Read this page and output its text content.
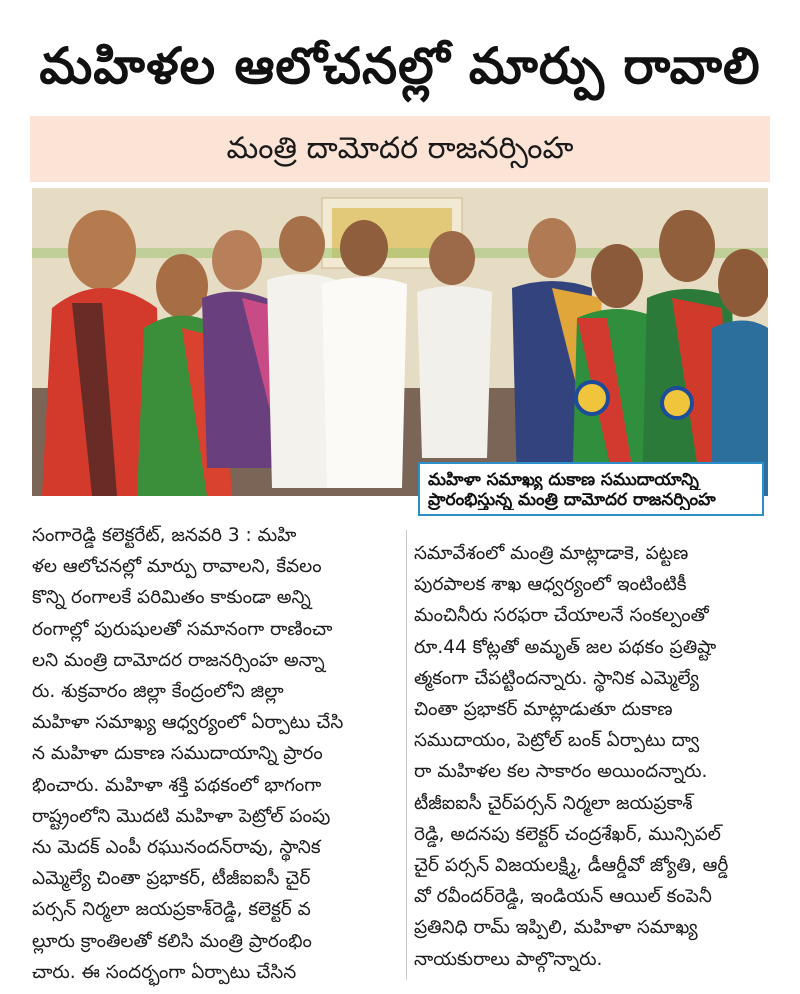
మహిళల ఆలోచనల్లో మార్పు రావాలి
మంత్రి దామోదర రాజనర్సింహ
మహిళా సమాఖ్య దుకాణ సముదాయాన్ని
ప్రారంభిస్తున్న మంత్రి దామోదర రాజనర్సింహ
సంగారెడ్డి కలెక్టరేట్, జనవరి 3 : మహి
ళల ఆలోచనల్లో మార్పు రావాలని, కేవలం
కొన్ని రంగాలకే పరిమితం కాకుండా అన్ని
రంగాల్లో పురుషులతో సమానంగా రాణించా
లని మంత్రి దామోదర రాజనర్సింహ అన్నా
రు. శుక్రవారం జిల్లా కేంద్రంలోని జిల్లా
మహిళా సమాఖ్య ఆధ్వర్యంలో ఏర్పాటు చేసి
న మహిళా దుకాణ సముదాయాన్ని ప్రారం
భించారు. మహిళా శక్తి పథకంలో భాగంగా
రాష్ట్రంలోని మొదటి మహిళా పెట్రోల్ పంపు
ను మెదక్ ఎంపీ రఘునందన్‌రావు, స్థానిక
ఎమ్మెల్యే చింతా ప్రభాకర్, టీజీఐఐసీ చైర్
పర్సన్ నిర్మలా జయప్రకాశ్‌రెడ్డి, కలెక్టర్ వ
ల్లూరు క్రాంతిలతో కలిసి మంత్రి ప్రారంభిం
చారు. ఈ సందర్భంగా ఏర్పాటు చేసిన
సమావేశంలో మంత్రి మాట్లాడాకె, పట్టణ
పురపాలక శాఖ ఆధ్వర్యంలో ఇంటింటికీ
మంచినీరు సరఫరా చేయాలనే సంకల్పంతో
రూ.44 కోట్లతో అమృత్ జల పథకం ప్రతిష్టా
త్మకంగా చేపట్టిందన్నారు. స్థానిక ఎమ్మెల్యే
చింతా ప్రభాకర్ మాట్లాడుతూ దుకాణ
సముదాయం, పెట్రోల్ బంక్ ఏర్పాటు ద్వా
రా మహిళల కల సాకారం అయిందన్నారు.
టీజీఐఐసీ చైర్‌పర్సన్ నిర్మలా జయప్రకాశ్
రెడ్డి, అదనపు కలెక్టర్ చంద్రశేఖర్, మున్సిపల్
చైర్ పర్సన్ విజయలక్ష్మి, డీఆర్డీవో జ్యోతి, ఆర్డీ
వో రవీందర్‌రెడ్డి, ఇండియన్ ఆయిల్ కంపెనీ
ప్రతినిధి రామ్ ఇప్పిలి, మహిళా సమాఖ్య
నాయకురాలు పాల్గొన్నారు.
